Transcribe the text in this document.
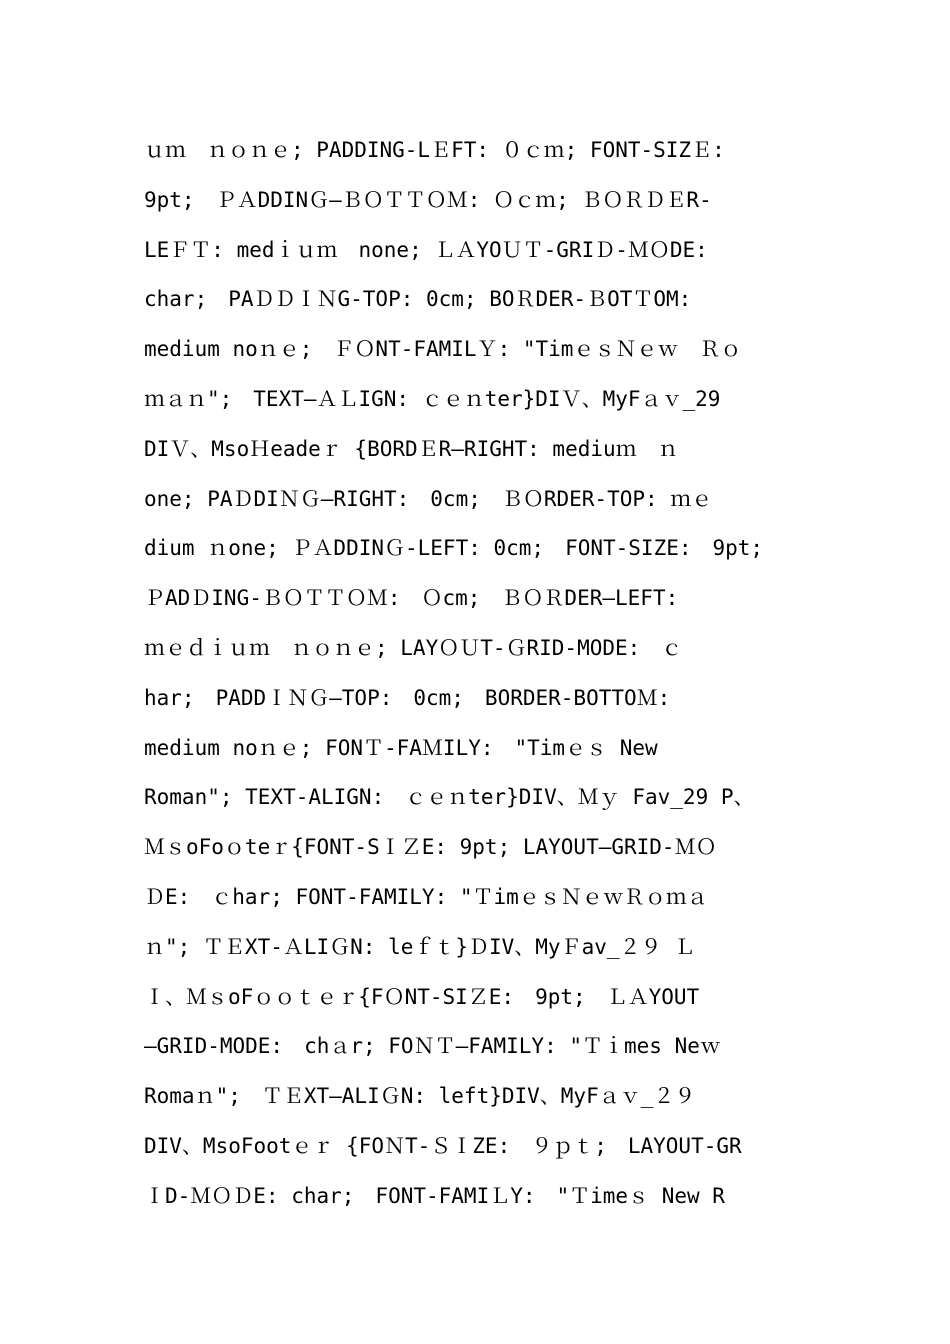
ｕｍ　ｎｏｎｅ; PADDING-LＥFT: ０ｃｍ; FONT-SIZＥ:
9pt;　ＰＡDDINＧ—ＢＯＴＴＯＭ: Ｏｃｍ; ＢＯＲＤＥR-
LEＦＴ: medｉｕｍ　none; ＬＡYOＵＴ-GRIＤ-ＭＯDE:
char;　PAＤＤＩＮG-TOP: 0cm; BOＲDER-ＢOTＴOM:
medium noｎｅ;　ＦＯNT-FAMILＹ: "TimｅｓＮｅｗ　Ｒｏ
ｍａｎ";　TEXT—ＡＬIGN: ｃｅｎter}DIＶ、MyFａｖ_29
DIＶ、MsoＨeadeｒ {BORDＥR—RIGHT: mediuｍ　ｎ
one; PAＤDIＮＧ—RIGHT:　0cm;　ＢＯRDER-TOP: ｍｅ
dium ｎone; ＰＡDDINＧ-LEFT: 0cm;　FONT-SIZE:　9pt;
ＰADＤING-ＢＯＴＴＯＭ:　Ｏcm;　ＢＯＲDER—LEFT:
ｍｅｄｉｕｍ　ｎｏｎｅ; LAYＯＵT-ＧRID-MODE:　ｃ
har;　PADDＩＮＧ—TOP:　0cm;　BORDER-BOTTOＭ:
medium noｎｅ; FONＴ-FAＭILY:　"Timｅｓ New
Roman"; TEXT-ALIGN:　ｃｅｎter}DIV、Ｍｙ Fav_29 P、
ＭｓoFoｏteｒ{FONT-SＩＺE: 9pt; LAYOUT—GRID-ＭＯ
ＤE:　ｃhar; FONT-FAMILY: "ＴimｅｓＮｅｗＲｏｍａ
ｎ"; ＴＥXT-ＡLIＧN: leｆｔ}ＤIV、MyＦav_２９ Ｌ
Ｉ、ＭｓoFｏｏｔｅｒ{FＯNT-SIＺE:　9pt;　ＬＡYOUT
—GRID-MODE:　chａr; FOＮＴ—FAMILY: "Ｔｉmes Neｗ
Romaｎ";　ＴＥXT—ALIＧN: left}DIV、MyFａｖ_２９
DIV、MsoFootｅｒ {FOＮT-ＳＩZE:　９ｐｔ;　LAYOUT-GR
ＩD-ＭＯＤE: char;　FONT-FAMIＬY:　"Ｔimeｓ New R
